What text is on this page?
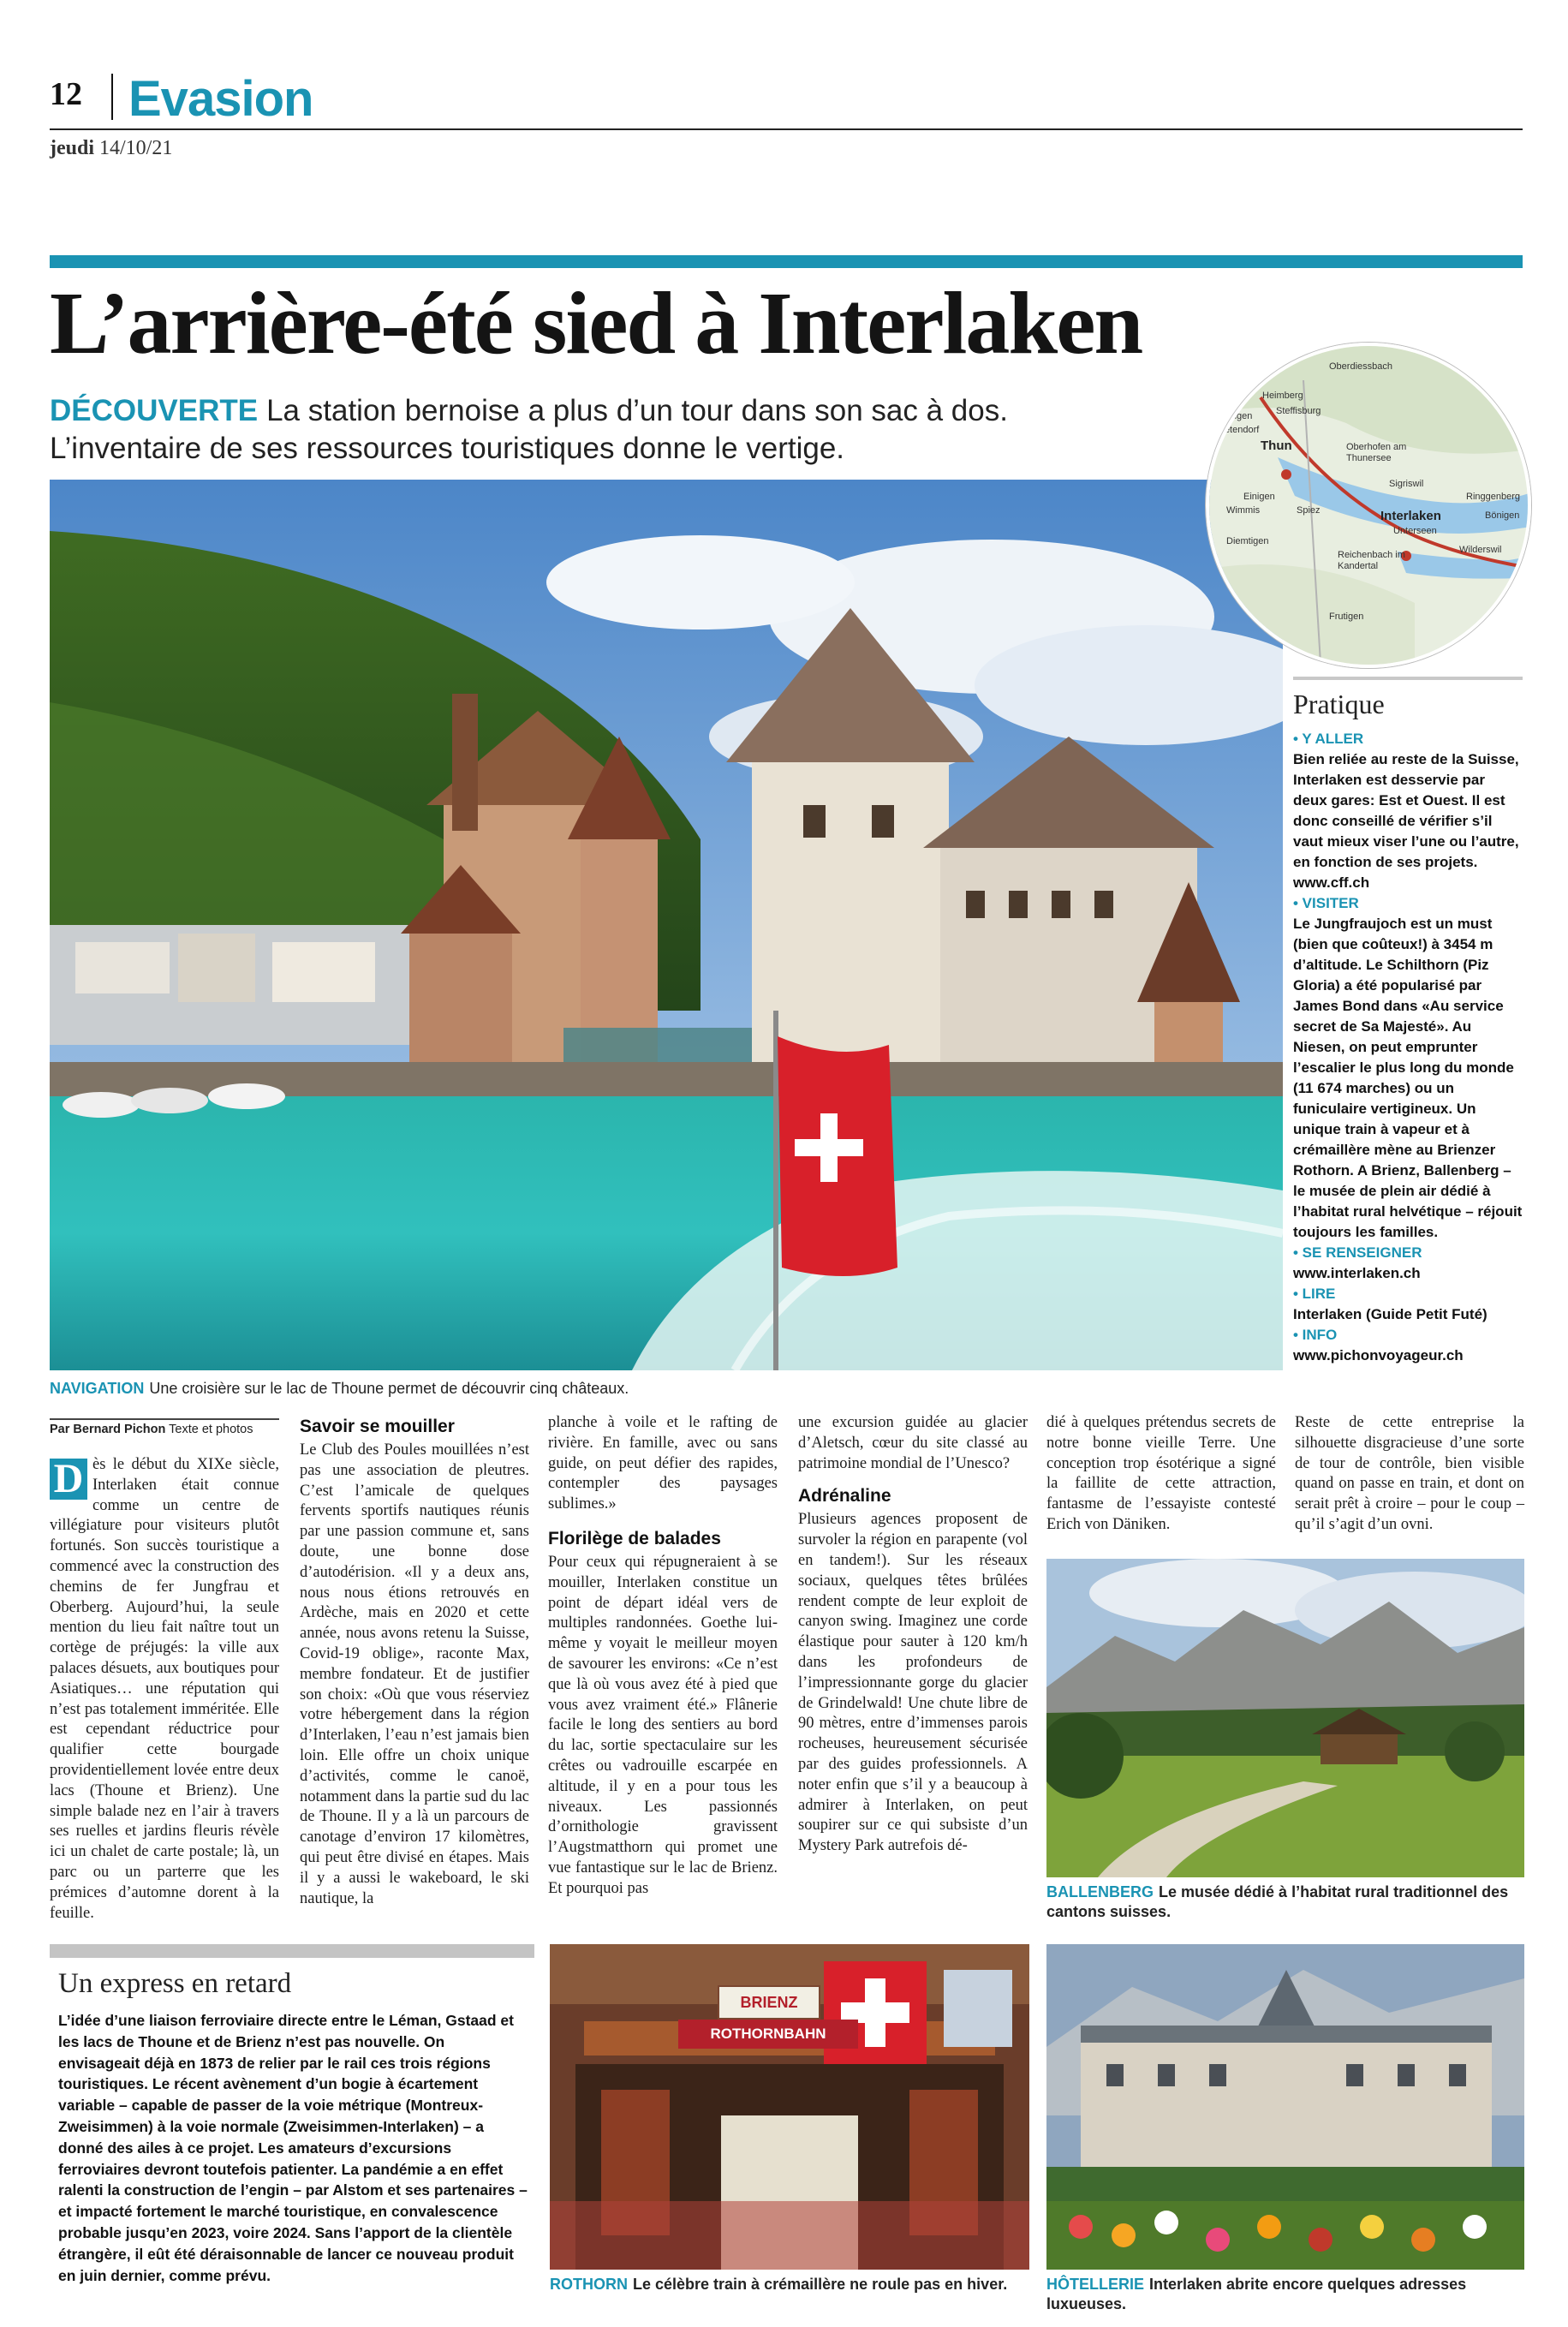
12 Evasion
jeudi 14/10/21
L’arrière-été sied à Interlaken
DÉCOUVERTE La station bernoise a plus d’un tour dans son sac à dos.
L’inventaire de ses ressources touristiques donne le vertige.
NAVIGATION Une croisière sur le lac de Thoune permet de découvrir cinq châteaux.
Oberdiessbach
Heimberg
Steffisburg
Seftigen
Uetendorf
Thun	Oberhofen am Thunersee
Sigriswil
Einigen
Wimmis	Spiez	Interlaken
Unterseen
Ringgenberg
Bönigen
Wilderswil
Reichenbach im Kandertal
Frutigen
Diemtigen
Pratique
• Y ALLER
Bien reliée au reste de la Suisse, Interlaken est desservie par deux gares: Est et Ouest. Il est donc conseillé de vérifier s’il vaut mieux viser l’une ou l’autre, en fonction de ses projets. www.cff.ch
• VISITER
Le Jungfraujoch est un must (bien que coûteux!) à 3454 m d’altitude. Le Schilthorn (Piz Gloria) a été popularisé par James Bond dans «Au service secret de Sa Majesté». Au Niesen, on peut emprunter l’escalier le plus long du monde (11 674 marches) ou un funiculaire vertigineux. Un unique train à vapeur et à crémaillère mène au Brienzer Rothorn. A Brienz, Ballenberg – le musée de plein air dédié à l’habitat rural helvétique – réjouit toujours les familles.
• SE RENSEIGNER
www.interlaken.ch
• LIRE
Interlaken (Guide Petit Futé)
• INFO
www.pichonvoyageur.ch
Par Bernard Pichon Texte et photos
D ès le début du XIXe siècle, Interlaken était connue comme un centre de villégiature pour visiteurs plutôt fortunés. Son succès touristique a commencé avec la construction des chemins de fer Jungfrau et Oberberg. Aujourd’hui, la seule mention du lieu fait naître tout un cortège de préjugés: la ville aux palaces désuets, aux boutiques pour Asiatiques… une réputation qui n’est pas totalement imméritée. Elle est cependant réductrice pour qualifier cette bourgade providentiellement lovée entre deux lacs (Thoune et Brienz). Une simple balade nez en l’air à travers ses ruelles et jardins fleuris révèle ici un chalet de carte postale; là, un parc ou un parterre que les prémices d’automne dorent à la feuille.
Savoir se mouiller
Le Club des Poules mouillées n’est pas une association de pleutres. C’est l’amicale de quelques fervents sportifs nautiques réunis par une passion commune et, sans doute, une bonne dose d’autodérision. «Il y a deux ans, nous nous étions retrouvés en Ardèche, mais en 2020 et cette année, nous avons retenu la Suisse, Covid-19 oblige», raconte Max, membre fondateur. Et de justifier son choix: «Où que vous réserviez votre hébergement dans la région d’Interlaken, l’eau n’est jamais bien loin. Elle offre un choix unique d’activités, comme le canoë, notamment dans la partie sud du lac de Thoune. Il y a là un parcours de canotage d’environ 17 kilomètres, qui peut être divisé en étapes. Mais il y a aussi le wakeboard, le ski nautique, la
planche à voile et le rafting de rivière. En famille, avec ou sans guide, on peut défier des rapides, contempler des paysages sublimes.»
Florilège de balades
Pour ceux qui répugneraient à se mouiller, Interlaken constitue un point de départ idéal vers de multiples randonnées. Goethe lui-même y voyait le meilleur moyen de savourer les environs: «Ce n’est que là où vous avez été à pied que vous avez vraiment été.» Flânerie facile le long des sentiers au bord du lac, sortie spectaculaire sur les crêtes ou vadrouille escarpée en altitude, il y en a pour tous les niveaux. Les passionnés d’ornithologie gravissent l’Augstmatthorn qui promet une vue fantastique sur le lac de Brienz. Et pourquoi pas
une excursion guidée au glacier d’Aletsch, cœur du site classé au patrimoine mondial de l’Unesco?
Adrénaline
Plusieurs agences proposent de survoler la région en parapente (vol en tandem!). Sur les réseaux sociaux, quelques têtes brûlées rendent compte de leur exploit de canyon swing. Imaginez une corde élastique pour sauter à 120 km/h dans les profondeurs de l’impressionnante gorge du glacier de Grindelwald! Une chute libre de 90 mètres, entre d’immenses parois rocheuses, heureusement sécurisée par des guides professionnels. A noter enfin que s’il y a beaucoup à admirer à Interlaken, on peut soupirer sur ce qui subsiste d’un Mystery Park autrefois dé-
dié à quelques prétendus secrets de notre bonne vieille Terre. Une conception trop ésotérique a signé la faillite de cette attraction, fantasme de l’essayiste contesté Erich von Däniken.
Reste de cette entreprise la silhouette disgracieuse d’une sorte de tour de contrôle, bien visible quand on passe en train, et dont on serait prêt à croire – pour le coup – qu’il s’agit d’un ovni.
BALLENBERG Le musée dédié à l’habitat rural traditionnel des cantons suisses.
Un express en retard

L’idée d’une liaison ferroviaire directe entre le Léman, Gstaad et les lacs de Thoune et de Brienz n’est pas nouvelle. On envisageait déjà en 1873 de relier par le rail ces trois régions touristiques. Le récent avènement d’un bogie à écartement variable – capable de passer de la voie métrique (Montreux-Zweisimmen) à la voie normale (Zweisimmen-Interlaken) – a donné des ailes à ce projet. Les amateurs d’excursions ferroviaires devront toutefois patienter. La pandémie a en effet ralenti la construction de l’engin – par Alstom et ses partenaires – et impacté fortement le marché touristique, en convalescence probable jusqu’en 2023, voire 2024. Sans l’apport de la clientèle étrangère, il eût été déraisonnable de lancer ce nouveau produit en juin dernier, comme prévu.

BRIENZ
ROTHORNBAHN
ROTHORN Le célèbre train à crémaillère ne roule pas en hiver.	HÔTELLERIE Interlaken abrite encore quelques adresses luxueuses.
